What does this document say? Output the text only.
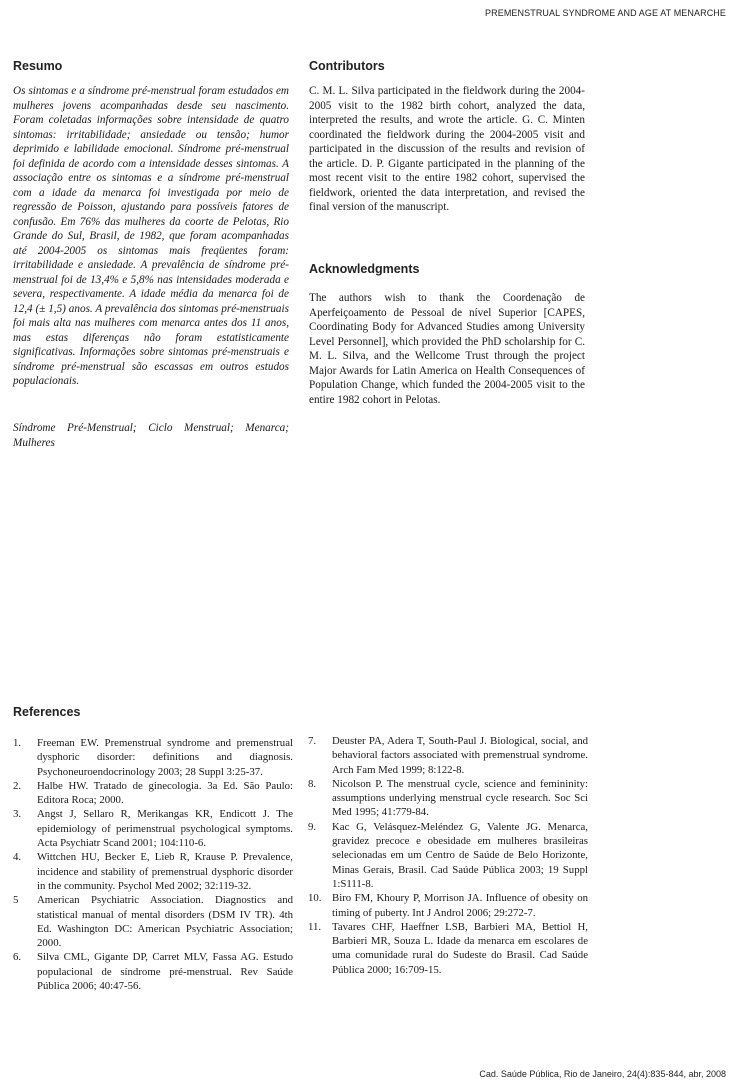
PREMENSTRUAL SYNDROME AND AGE AT MENARCHE
Resumo

Os sintomas e a síndrome pré-menstrual foram estudados em mulheres jovens acompanhadas desde seu nascimento. Foram coletadas informações sobre intensidade de quatro sintomas: irritabilidade; ansiedade ou tensão; humor deprimido e labilidade emocional. Síndrome pré-menstrual foi definida de acordo com a intensidade desses sintomas. A associação entre os sintomas e a síndrome pré-menstrual com a idade da menarca foi investigada por meio de regressão de Poisson, ajustando para possíveis fatores de confusão. Em 76% das mulheres da coorte de Pelotas, Rio Grande do Sul, Brasil, de 1982, que foram acompanhadas até 2004-2005 os sintomas mais freqüentes foram: irritabilidade e ansiedade. A prevalência de síndrome pré-menstrual foi de 13,4% e 5,8% nas intensidades moderada e severa, respectivamente. A idade média da menarca foi de 12,4 (± 1,5) anos. A prevalência dos sintomas pré-menstruais foi mais alta nas mulheres com menarca antes dos 11 anos, mas estas diferenças não foram estatisticamente significativas. Informações sobre sintomas pré-menstruais e síndrome pré-menstrual são escassas em outros estudos populacionais.

Síndrome Pré-Menstrual; Ciclo Menstrual; Menarca; Mulheres

Contributors

C. M. L. Silva participated in the fieldwork during the 2004-2005 visit to the 1982 birth cohort, analyzed the data, interpreted the results, and wrote the article. G. C. Minten coordinated the fieldwork during the 2004-2005 visit and participated in the discussion of the results and revision of the article. D. P. Gigante participated in the planning of the most recent visit to the entire 1982 cohort, supervised the fieldwork, oriented the data interpretation, and revised the final version of the manuscript.

Acknowledgments

The authors wish to thank the Coordenação de Aperfeiçoamento de Pessoal de nível Superior [CAPES, Coordinating Body for Advanced Studies among University Level Personnel], which provided the PhD scholarship for C. M. L. Silva, and the Wellcome Trust through the project Major Awards for Latin America on Health Consequences of Population Change, which funded the 2004-2005 visit to the entire 1982 cohort in Pelotas.

References
1.	Freeman EW. Premenstrual syndrome and premenstrual dysphoric disorder: definitions and diagnosis. Psychoneuroendocrinology 2003; 28 Suppl 3:25-37.
2.	Halbe HW. Tratado de ginecologia. 3a Ed. São Paulo: Editora Roca; 2000.
3.	Angst J, Sellaro R, Merikangas KR, Endicott J. The epidemiology of perimenstrual psychological symptoms. Acta Psychiatr Scand 2001; 104:110-6.
4.	Wittchen HU, Becker E, Lieb R, Krause P. Prevalence, incidence and stability of premenstrual dysphoric disorder in the community. Psychol Med 2002; 32:119-32.
5	American Psychiatric Association. Diagnostics and statistical manual of mental disorders (DSM IV TR). 4th Ed. Washington DC: American Psychiatric Association; 2000.
6.	Silva CML, Gigante DP, Carret MLV, Fassa AG. Estudo populacional de síndrome pré-menstrual. Rev Saúde Pública 2006; 40:47-56.
7.	Deuster PA, Adera T, South-Paul J. Biological, social, and behavioral factors associated with premenstrual syndrome. Arch Fam Med 1999; 8:122-8.
8.	Nicolson P. The menstrual cycle, science and femininity: assumptions underlying menstrual cycle research. Soc Sci Med 1995; 41:779-84.
9.	Kac G, Velásquez-Meléndez G, Valente JG. Menarca, gravidez precoce e obesidade em mulheres brasileiras selecionadas em um Centro de Saúde de Belo Horizonte, Minas Gerais, Brasil. Cad Saúde Pública 2003; 19 Suppl 1:S111-8.
10. Biro FM, Khoury P, Morrison JA. Influence of obesity on timing of puberty. Int J Androl 2006; 29:272-7.
11.	Tavares CHF, Haeffner LSB, Barbieri MA, Bettiol H, Barbieri MR, Souza L. Idade da menarca em escolares de uma comunidade rural do Sudeste do Brasil. Cad Saúde Pública 2000; 16:709-15.
Cad. Saúde Pública, Rio de Janeiro, 24(4):835-844, abr, 2008
